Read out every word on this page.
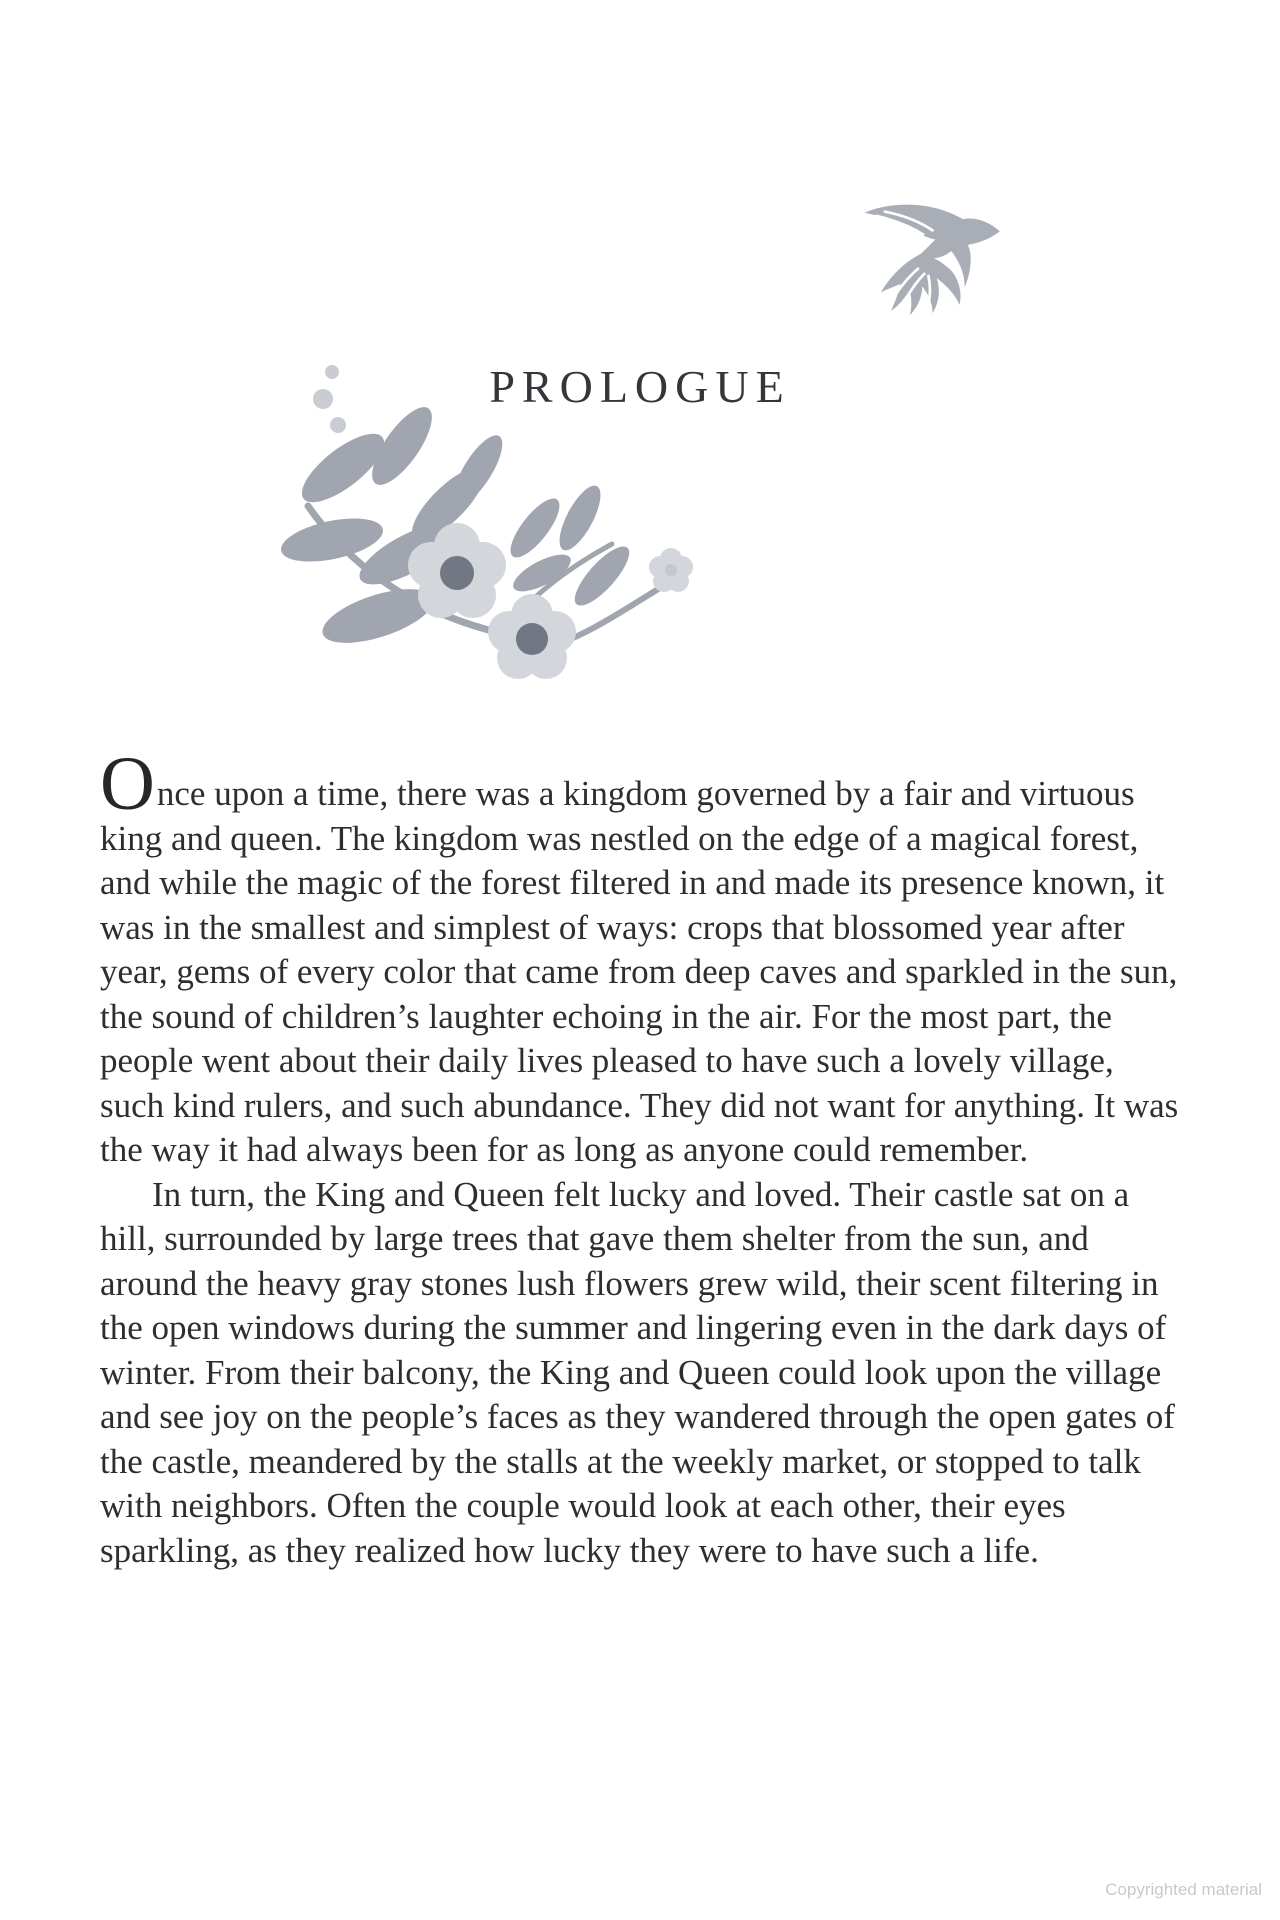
PROLOGUE

Once upon a time, there was a kingdom governed by a fair and virtuous king and queen. The kingdom was nestled on the edge of a magical forest, and while the magic of the forest filtered in and made its presence known, it was in the smallest and simplest of ways: crops that blossomed year after year, gems of every color that came from deep caves and sparkled in the sun, the sound of children’s laughter echoing in the air. For the most part, the people went about their daily lives pleased to have such a lovely village, such kind rulers, and such abundance. They did not want for anything. It was the way it had always been for as long as anyone could remember.

In turn, the King and Queen felt lucky and loved. Their castle sat on a hill, surrounded by large trees that gave them shelter from the sun, and around the heavy gray stones lush flowers grew wild, their scent filtering in the open windows during the summer and lingering even in the dark days of winter. From their balcony, the King and Queen could look upon the village and see joy on the people’s faces as they wandered through the open gates of the castle, meandered by the stalls at the weekly market, or stopped to talk with neighbors. Often the couple would look at each other, their eyes sparkling, as they realized how lucky they were to have such a life.

Copyrighted material
